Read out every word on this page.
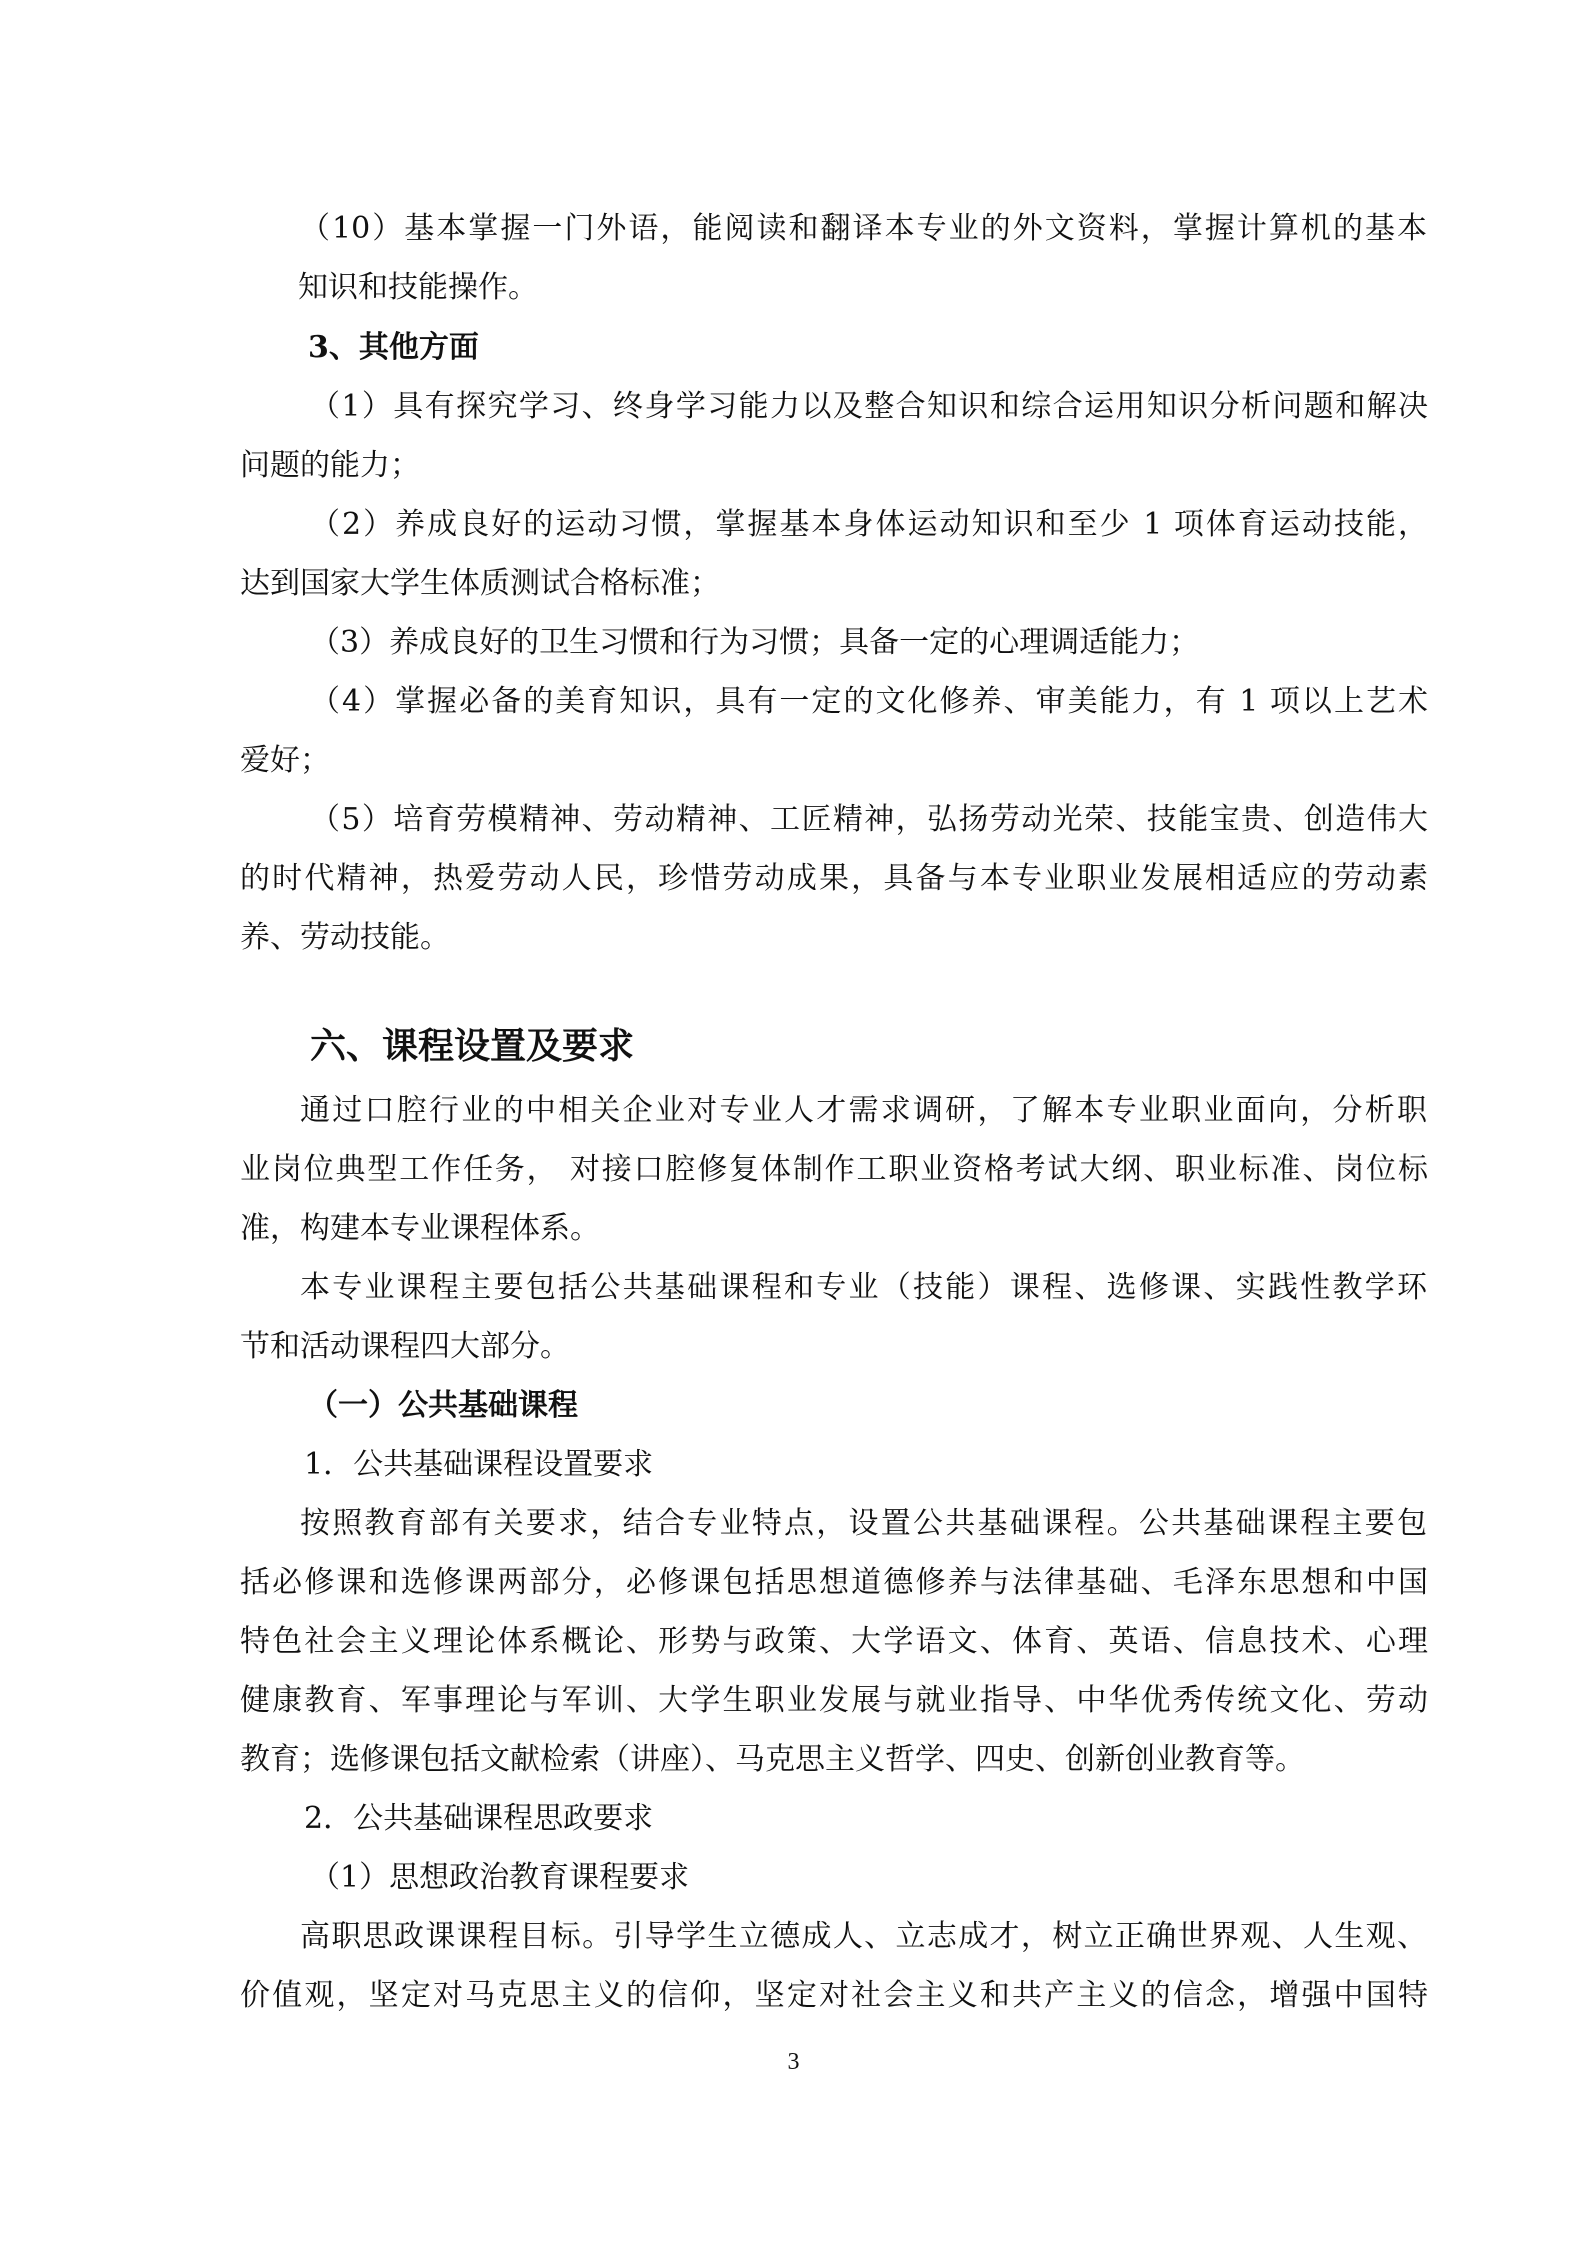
（10）基本掌握一门外语，能阅读和翻译本专业的外文资料，掌握计算机的基本
知识和技能操作。
3、其他方面
（1）具有探究学习、终身学习能力以及整合知识和综合运用知识分析问题和解决
问题的能力；
（2）养成良好的运动习惯，掌握基本身体运动知识和至少 1 项体育运动技能，
达到国家大学生体质测试合格标准；
（3）养成良好的卫生习惯和行为习惯；具备一定的心理调适能力；
（4）掌握必备的美育知识，具有一定的文化修养、审美能力，有 1 项以上艺术
爱好；
（5）培育劳模精神、劳动精神、工匠精神，弘扬劳动光荣、技能宝贵、创造伟大
的时代精神，热爱劳动人民，珍惜劳动成果，具备与本专业职业发展相适应的劳动素
养、劳动技能。
六、课程设置及要求
通过口腔行业的中相关企业对专业人才需求调研，了解本专业职业面向，分析职
业岗位典型工作任务， 对接口腔修复体制作工职业资格考试大纲、职业标准、岗位标
准，构建本专业课程体系。
本专业课程主要包括公共基础课程和专业（技能）课程、选修课、实践性教学环
节和活动课程四大部分。
（一）公共基础课程
1．公共基础课程设置要求
按照教育部有关要求，结合专业特点，设置公共基础课程。公共基础课程主要包
括必修课和选修课两部分，必修课包括思想道德修养与法律基础、毛泽东思想和中国
特色社会主义理论体系概论、形势与政策、大学语文、体育、英语、信息技术、心理
健康教育、军事理论与军训、大学生职业发展与就业指导、中华优秀传统文化、劳动
教育；选修课包括文献检索（讲座）、马克思主义哲学、四史、创新创业教育等。
2．公共基础课程思政要求
（1）思想政治教育课程要求
高职思政课课程目标。引导学生立德成人、立志成才，树立正确世界观、人生观、
价值观，坚定对马克思主义的信仰，坚定对社会主义和共产主义的信念，增强中国特
3
